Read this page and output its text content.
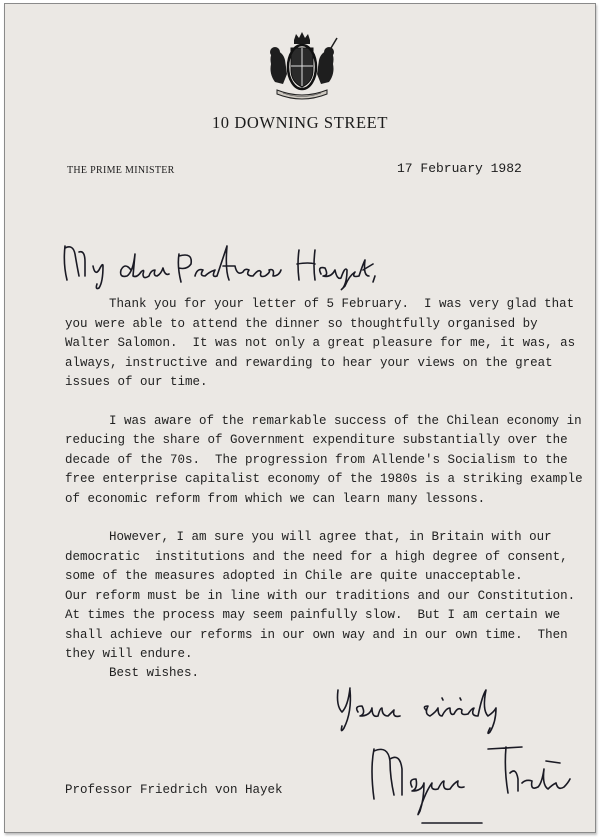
10 DOWNING STREET
THE PRIME MINISTER	17 February 1982
Thank you for your letter of 5 February.  I was very glad that
you were able to attend the dinner so thoughtfully organised by
Walter Salomon.  It was not only a great pleasure for me, it was, as
always, instructive and rewarding to hear your views on the great
issues of our time.
I was aware of the remarkable success of the Chilean economy in
reducing the share of Government expenditure substantially over the
decade of the 70s.  The progression from Allende's Socialism to the
free enterprise capitalist economy of the 1980s is a striking example
of economic reform from which we can learn many lessons.
However, I am sure you will agree that, in Britain with our
democratic  institutions and the need for a high degree of consent,
some of the measures adopted in Chile are quite unacceptable.
Our reform must be in line with our traditions and our Constitution.
At times the process may seem painfully slow.  But I am certain we
shall achieve our reforms in our own way and in our own time.  Then
they will endure.
Best wishes.
Professor Friedrich von Hayek
